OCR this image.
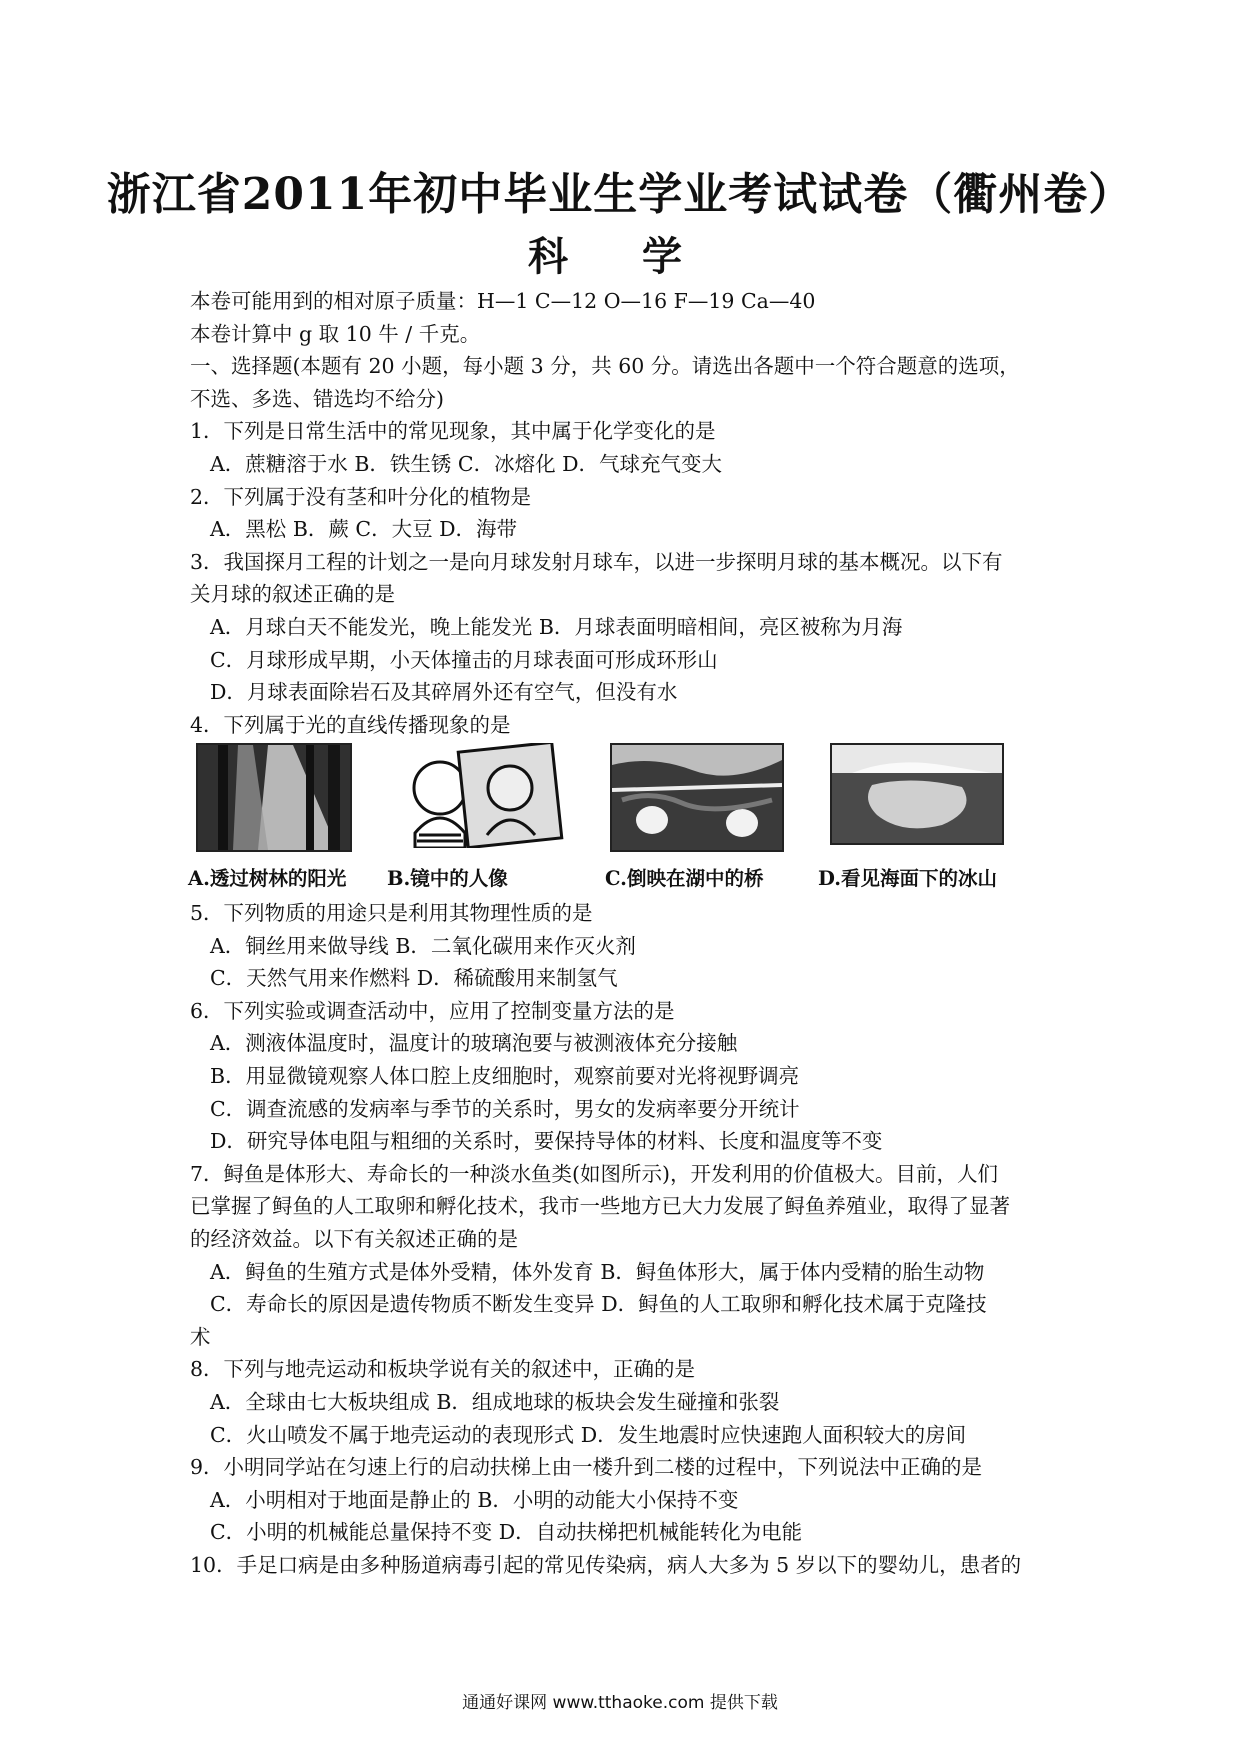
浙江省2011年初中毕业生学业考试试卷（衢州卷）
科 学
本卷可能用到的相对原子质量：H—1 C—12 O—16 F—19 Ca—40
本卷计算中 g 取 10 牛 / 千克。
一、选择题(本题有 20 小题，每小题 3 分，共 60 分。请选出各题中一个符合题意的选项，
不选、多选、错选均不给分)
1．下列是日常生活中的常见现象，其中属于化学变化的是
A．蔗糖溶于水 B．铁生锈 C．冰熔化 D．气球充气变大
2．下列属于没有茎和叶分化的植物是
A．黑松 B．蕨 C．大豆 D．海带
3．我国探月工程的计划之一是向月球发射月球车，以进一步探明月球的基本概况。以下有
关月球的叙述正确的是
A．月球白天不能发光，晚上能发光 B．月球表面明暗相间，亮区被称为月海
C．月球形成早期，小天体撞击的月球表面可形成环形山
D．月球表面除岩石及其碎屑外还有空气，但没有水
4．下列属于光的直线传播现象的是
A.透过树林的阳光 B.镜中的人像	C.倒映在湖中的桥	D.看见海面下的冰山
5．下列物质的用途只是利用其物理性质的是
A．铜丝用来做导线 B．二氧化碳用来作灭火剂
C．天然气用来作燃料 D．稀硫酸用来制氢气
6．下列实验或调查活动中，应用了控制变量方法的是
A．测液体温度时，温度计的玻璃泡要与被测液体充分接触
B．用显微镜观察人体口腔上皮细胞时，观察前要对光将视野调亮
C．调查流感的发病率与季节的关系时，男女的发病率要分开统计
D．研究导体电阻与粗细的关系时，要保持导体的材料、长度和温度等不变
7．鲟鱼是体形大、寿命长的一种淡水鱼类(如图所示)，开发利用的价值极大。目前，人们
已掌握了鲟鱼的人工取卵和孵化技术，我市一些地方已大力发展了鲟鱼养殖业，取得了显著
的经济效益。以下有关叙述正确的是
A．鲟鱼的生殖方式是体外受精，体外发育 B．鲟鱼体形大，属于体内受精的胎生动物
C．寿命长的原因是遗传物质不断发生变异 D．鲟鱼的人工取卵和孵化技术属于克隆技
术
8．下列与地壳运动和板块学说有关的叙述中，正确的是
A．全球由七大板块组成 B．组成地球的板块会发生碰撞和张裂
C．火山喷发不属于地壳运动的表现形式 D．发生地震时应快速跑人面积较大的房间
9．小明同学站在匀速上行的启动扶梯上由一楼升到二楼的过程中，下列说法中正确的是
A．小明相对于地面是静止的 B．小明的动能大小保持不变
C．小明的机械能总量保持不变 D．自动扶梯把机械能转化为电能
10．手足口病是由多种肠道病毒引起的常见传染病，病人大多为 5 岁以下的婴幼儿，患者的
通通好课网 www.tthaoke.com 提供下载
